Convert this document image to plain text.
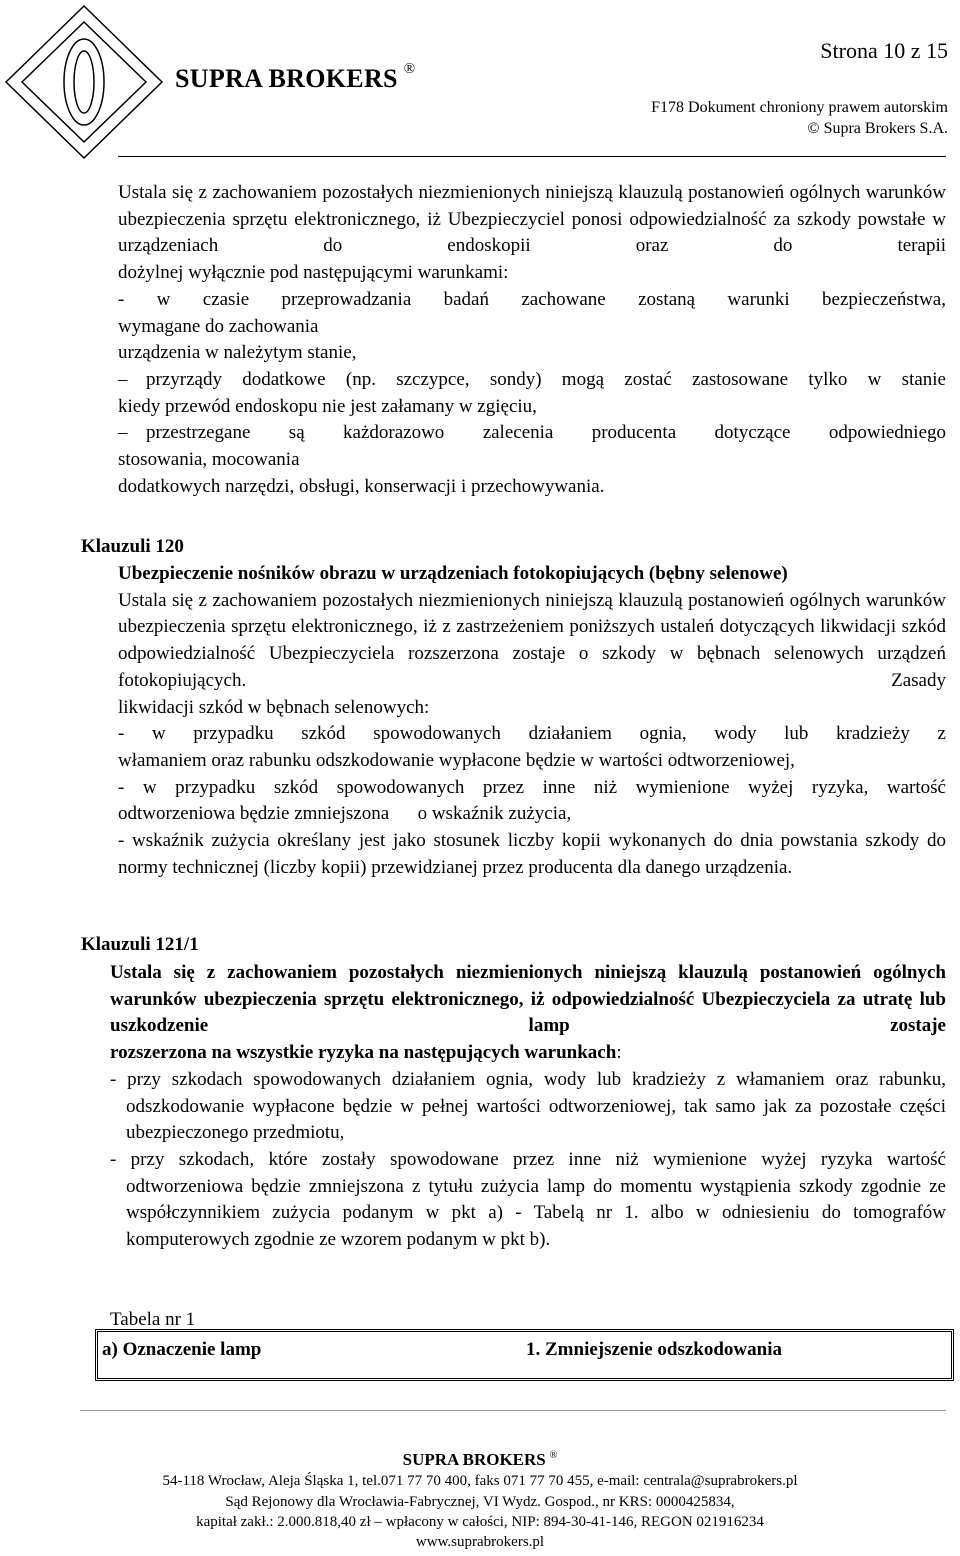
SUPRA BROKERS ®
Strona 10 z 15
F178 Dokument chroniony prawem autorskim
© Supra Brokers S.A.

Ustala się z zachowaniem pozostałych niezmienionych niniejszą klauzulą postanowień ogólnych warunków ubezpieczenia sprzętu elektronicznego, iż Ubezpieczyciel ponosi odpowiedzialność za szkody powstałe w urządzeniach do endoskopii oraz do terapii

dożylnej wyłącznie pod następującymi warunkami:

- w czasie przeprowadzania badań zachowane zostaną warunki bezpieczeństwa,

wymagane do zachowania

urządzenia w należytym stanie,

– przyrządy dodatkowe (np. szczypce, sondy) mogą zostać zastosowane tylko w stanie

kiedy przewód endoskopu nie jest załamany w zgięciu,

– przestrzegane są każdorazowo zalecenia producenta dotyczące odpowiedniego

stosowania, mocowania

dodatkowych narzędzi, obsługi, konserwacji i przechowywania.

Klauzuli 120

Ubezpieczenie nośników obrazu w urządzeniach fotokopiujących (bębny selenowe)

Ustala się z zachowaniem pozostałych niezmienionych niniejszą klauzulą postanowień ogólnych warunków ubezpieczenia sprzętu elektronicznego, iż z zastrzeżeniem poniższych ustaleń dotyczących likwidacji szkód odpowiedzialność Ubezpieczyciela rozszerzona zostaje o szkody w bębnach selenowych urządzeń fotokopiujących. Zasady

likwidacji szkód w bębnach selenowych:

- w przypadku szkód spowodowanych działaniem ognia, wody lub kradzieży z

włamaniem oraz rabunku odszkodowanie wypłacone będzie w wartości odtworzeniowej,

- w przypadku szkód spowodowanych przez inne niż wymienione wyżej ryzyka, wartość

odtworzeniowa będzie zmniejszona      o wskaźnik zużycia,

- wskaźnik zużycia określany jest jako stosunek liczby kopii wykonanych do dnia powstania szkody do normy technicznej (liczby kopii) przewidzianej przez producenta dla danego urządzenia.

Klauzuli 121/1

Ustala się z zachowaniem pozostałych niezmienionych niniejszą klauzulą postanowień ogólnych warunków ubezpieczenia sprzętu elektronicznego, iż odpowiedzialność Ubezpieczyciela za utratę lub uszkodzenie lamp zostaje

rozszerzona na wszystkie ryzyka na następujących warunkach:

- przy szkodach spowodowanych działaniem ognia, wody lub kradzieży z włamaniem oraz rabunku, odszkodowanie wypłacone będzie w pełnej wartości odtworzeniowej, tak samo jak za pozostałe części ubezpieczonego przedmiotu,

- przy szkodach, które zostały spowodowane przez inne niż wymienione wyżej ryzyka wartość odtworzeniowa będzie zmniejszona z tytułu zużycia lamp do momentu wystąpienia szkody zgodnie ze współczynnikiem zużycia podanym w pkt a) - Tabelą nr 1. albo w odniesieniu do tomografów komputerowych zgodnie ze wzorem podanym w pkt b).

Tabela nr 1
a) Oznaczenie lamp	1. Zmniejszenie odszkodowania
SUPRA BROKERS ®
54-118 Wrocław, Aleja Śląska 1, tel.071 77 70 400, faks 071 77 70 455, e-mail: centrala@suprabrokers.pl
Sąd Rejonowy dla Wrocławia-Fabrycznej, VI Wydz. Gospod., nr KRS: 0000425834,
kapitał zakł.: 2.000.818,40 zł – wpłacony w całości, NIP: 894-30-41-146, REGON 021916234
www.suprabrokers.pl
